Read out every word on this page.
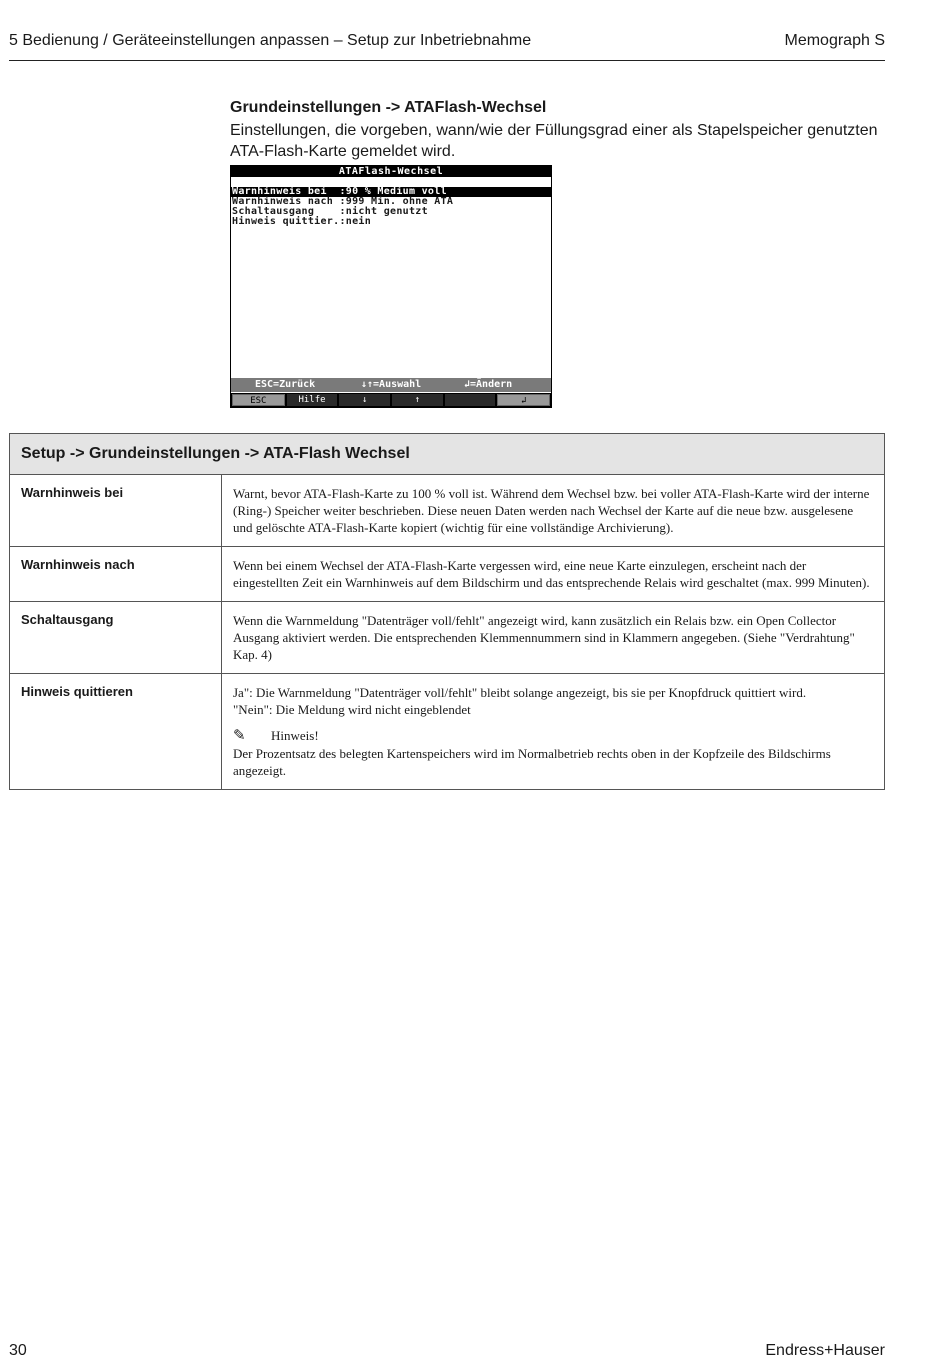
5 Bedienung / Geräteeinstellungen anpassen – Setup zur Inbetriebnahme	Memograph S
Grundeinstellungen -> ATAFlash-Wechsel
Einstellungen, die vorgeben, wann/wie der Füllungsgrad einer als Stapelspeicher genutzten ATA-Flash-Karte gemeldet wird.
ATAFlash-Wechsel
Warnhinweis bei  :90 % Medium voll
Warnhinweis nach :999 Min. ohne ATA
Schaltausgang    :nicht genutzt
Hinweis quittier.:nein
ESC=Zurück	↓↑=Auswahl	↲=Ändern
ESC	Hilfe	↓	↑	↲
Setup -> Grundeinstellungen -> ATA-Flash Wechsel	
Warnhinweis bei	Warnt, bevor ATA-Flash-Karte zu 100 % voll ist. Während dem Wechsel bzw. bei voller ATA-Flash-Karte wird der interne (Ring-) Speicher weiter beschrieben. Diese neuen Daten werden nach Wechsel der Karte auf die neue bzw. ausgelesene und gelöschte ATA-Flash-Karte kopiert (wichtig für eine vollständige Archivierung).
Warnhinweis nach	Wenn bei einem Wechsel der ATA-Flash-Karte vergessen wird, eine neue Karte einzulegen, erscheint nach der eingestellten Zeit ein Warnhinweis auf dem Bildschirm und das entsprechende Relais wird geschaltet (max. 999 Minuten).
Schaltausgang	Wenn die Warnmeldung "Datenträger voll/fehlt" angezeigt wird, kann zusätzlich ein Relais bzw. ein Open Collector Ausgang aktiviert werden. Die entsprechenden Klemmennummern sind in Klammern angegeben. (Siehe "Verdrahtung" Kap. 4)
Hinweis quittieren	Ja": Die Warnmeldung "Datenträger voll/fehlt" bleibt solange angezeigt, bis sie per Knopfdruck quittiert wird.
"Nein": Die Meldung wird nicht eingeblendet
✎ Hinweis!
Der Prozentsatz des belegten Kartenspeichers wird im Normalbetrieb rechts oben in der Kopfzeile des Bildschirms angezeigt.
30	Endress+Hauser
